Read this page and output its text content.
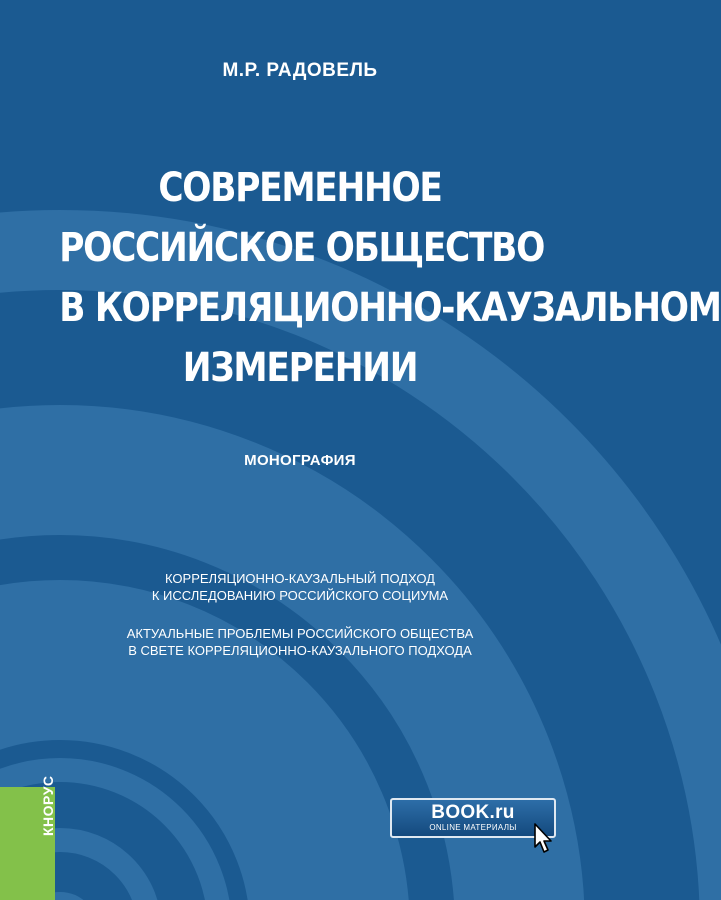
М.Р. РАДОВЕЛЬ
СОВРЕМЕННОЕ
РОССИЙСКОЕ ОБЩЕСТВО
В КОРРЕЛЯЦИОННО-КАУЗАЛЬНОМ
ИЗМЕРЕНИИ
МОНОГРАФИЯ
КОРРЕЛЯЦИОННО-КАУЗАЛЬНЫЙ ПОДХОД
К ИССЛЕДОВАНИЮ РОССИЙСКОГО СОЦИУМА
АКТУАЛЬНЫЕ ПРОБЛЕМЫ РОССИЙСКОГО ОБЩЕСТВА
В СВЕТЕ КОРРЕЛЯЦИОННО-КАУЗАЛЬНОГО ПОДХОДА
КНОРУС	BOOK.ru
ONLINE МАТЕРИАЛЫ
